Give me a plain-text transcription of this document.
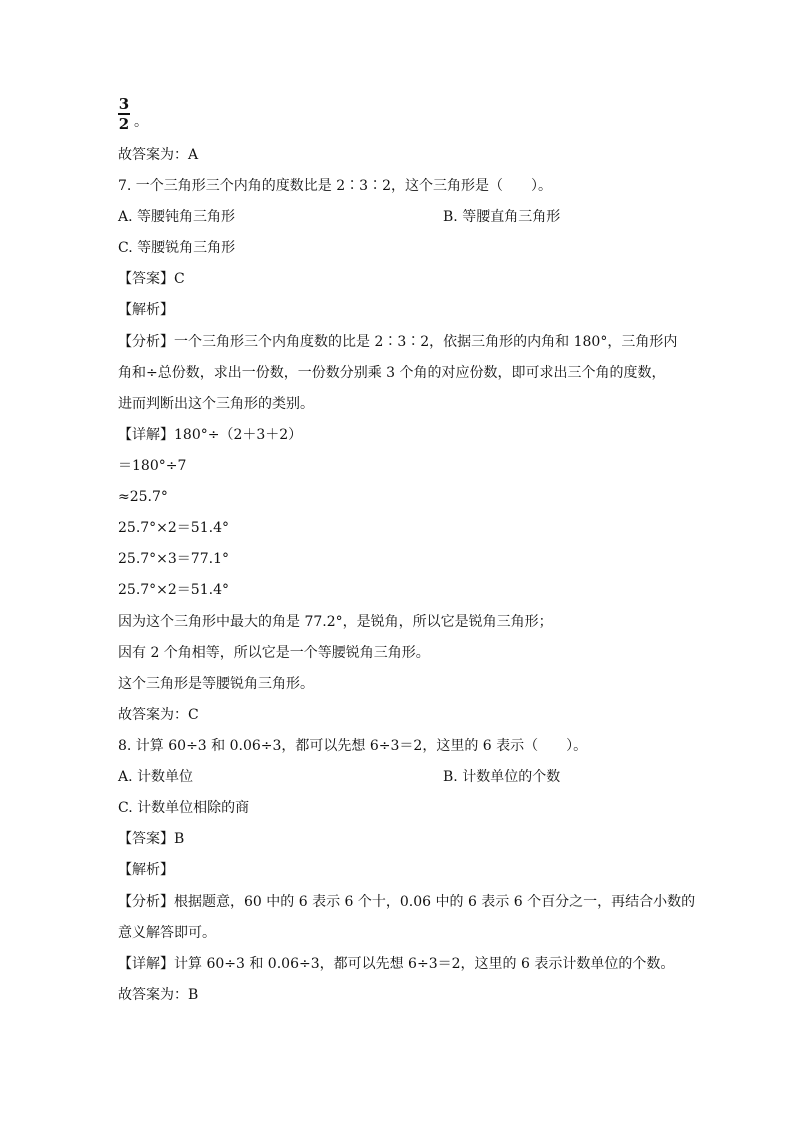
$\frac{3}{2}$ 。
故答案为：A
7. 一个三角形三个内角的度数比是 2∶3∶2，这个三角形是（　　）。
A. 等腰钝角三角形	B. 等腰直角三角形
C. 等腰锐角三角形
【答案】C
【解析】
【分析】一个三角形三个内角度数的比是 2∶3∶2，依据三角形的内角和 180°，三角形内
角和÷总份数，求出一份数，一份数分别乘 3 个角的对应份数，即可求出三个角的度数，
进而判断出这个三角形的类别。
【详解】180°÷（2＋3＋2）
＝180°÷7
≈25.7°
25.7°×2＝51.4°
25.7°×3＝77.1°
25.7°×2＝51.4°
因为这个三角形中最大的角是 77.2°，是锐角，所以它是锐角三角形；
因有 2 个角相等，所以它是一个等腰锐角三角形。
这个三角形是等腰锐角三角形。
故答案为：C
8. 计算 60÷3 和 0.06÷3，都可以先想 6÷3＝2，这里的 6 表示（　　）。
A. 计数单位	B. 计数单位的个数
C. 计数单位相除的商
【答案】B
【解析】
【分析】根据题意，60 中的 6 表示 6 个十，0.06 中的 6 表示 6 个百分之一，再结合小数的
意义解答即可。
【详解】计算 60÷3 和 0.06÷3，都可以先想 6÷3＝2，这里的 6 表示计数单位的个数。
故答案为：B
